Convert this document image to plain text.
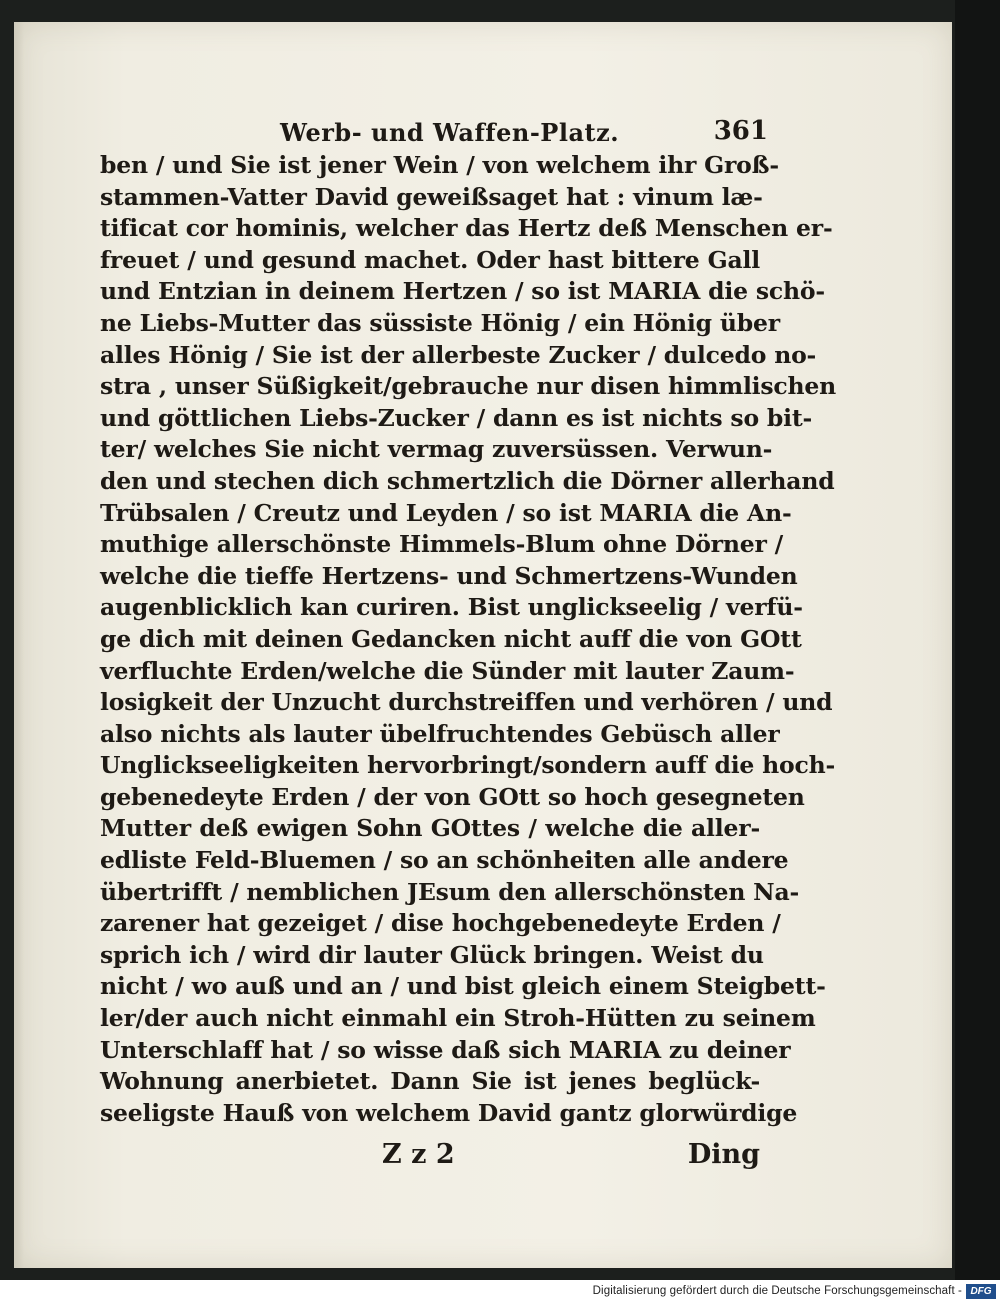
Werb- und Waffen-Platz.	361
ben / und Sie ist jener Wein / von welchem ihr Groß-
stammen-Vatter David geweißsaget hat : vinum læ-
tificat cor hominis, welcher das Hertz deß Menschen er-
freuet / und gesund machet. Oder hast bittere Gall
und Entzian in deinem Hertzen / so ist MARIA die schö-
ne Liebs-Mutter das süssiste Hönig / ein Hönig über
alles Hönig / Sie ist der allerbeste Zucker / dulcedo no-
stra , unser Süßigkeit/gebrauche nur disen himmlischen
und göttlichen Liebs-Zucker / dann es ist nichts so bit-
ter/ welches Sie nicht vermag zuversüssen. Verwun-
den und stechen dich schmertzlich die Dörner allerhand
Trübsalen / Creutz und Leyden / so ist MARIA die An-
muthige allerschönste Himmels-Blum ohne Dörner /
welche die tieffe Hertzens- und Schmertzens-Wunden
augenblicklich kan curiren. Bist unglickseelig / verfü-
ge dich mit deinen Gedancken nicht auff die von GOtt
verfluchte Erden/welche die Sünder mit lauter Zaum-
losigkeit der Unzucht durchstreiffen und verhören / und
also nichts als lauter übelfruchtendes Gebüsch aller
Unglickseeligkeiten hervorbringt/sondern auff die hoch-
gebenedeyte Erden / der von GOtt so hoch gesegneten
Mutter deß ewigen Sohn GOttes / welche die aller-
edliste Feld-Bluemen / so an schönheiten alle andere
übertrifft / nemblichen JEsum den allerschönsten Na-
zarener hat gezeiget / dise hochgebenedeyte Erden /
sprich ich / wird dir lauter Glück bringen. Weist du
nicht / wo auß und an / und bist gleich einem Steigbett-
ler/der auch nicht einmahl ein Stroh-Hütten zu seinem
Unterschlaff hat / so wisse daß sich MARIA zu deiner
Wohnung anerbietet. Dann Sie ist jenes beglück-
seeligste Hauß von welchem David gantz glorwürdige
Z z 2	Ding
Digitalisierung gefördert durch die Deutsche Forschungsgemeinschaft - DFG
